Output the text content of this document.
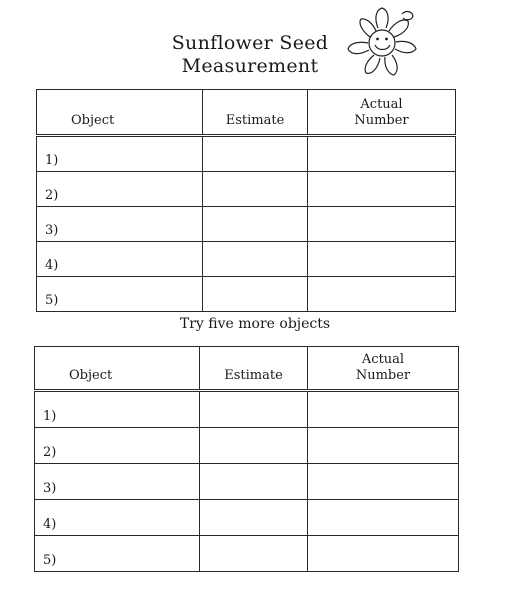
Sunflower Seed
Measurement
Object	Estimate	Actual
Number

1)		
2)		
3)		
4)		
5)		
Try five more objects
Object	Estimate	Actual
Number

1)		
2)		
3)		
4)		
5)		
